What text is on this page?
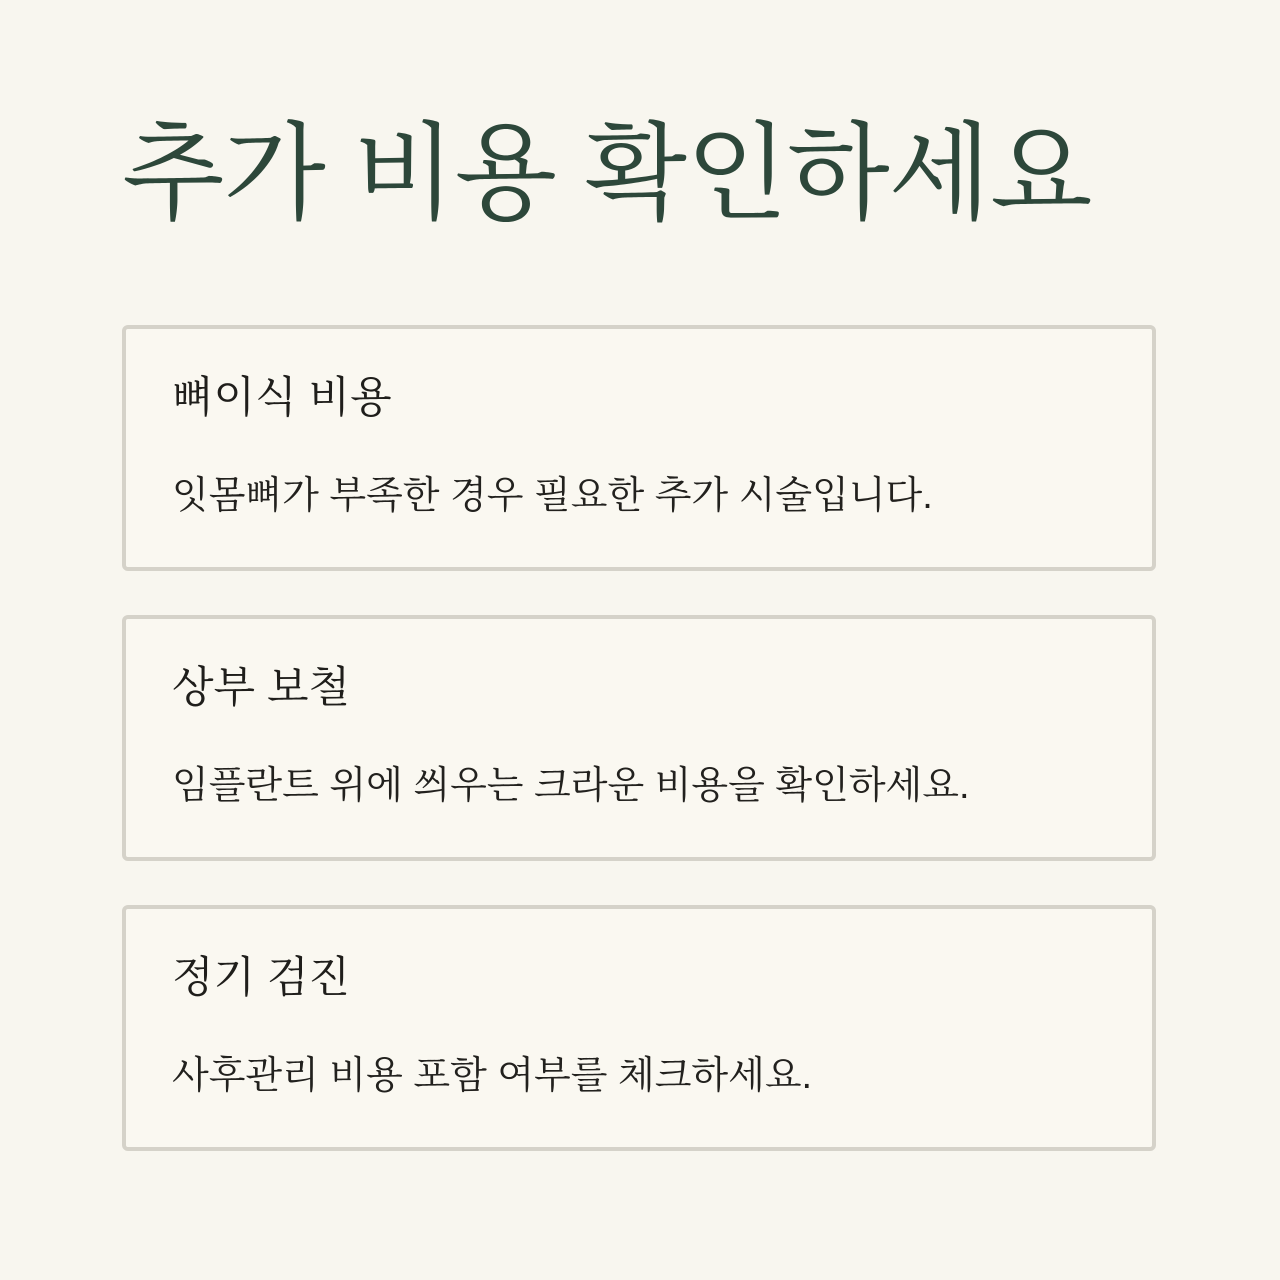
추가 비용 확인하세요
뼈이식 비용

잇몸뼈가 부족한 경우 필요한 추가 시술입니다.

상부 보철

임플란트 위에 씌우는 크라운 비용을 확인하세요.

정기 검진

사후관리 비용 포함 여부를 체크하세요.
